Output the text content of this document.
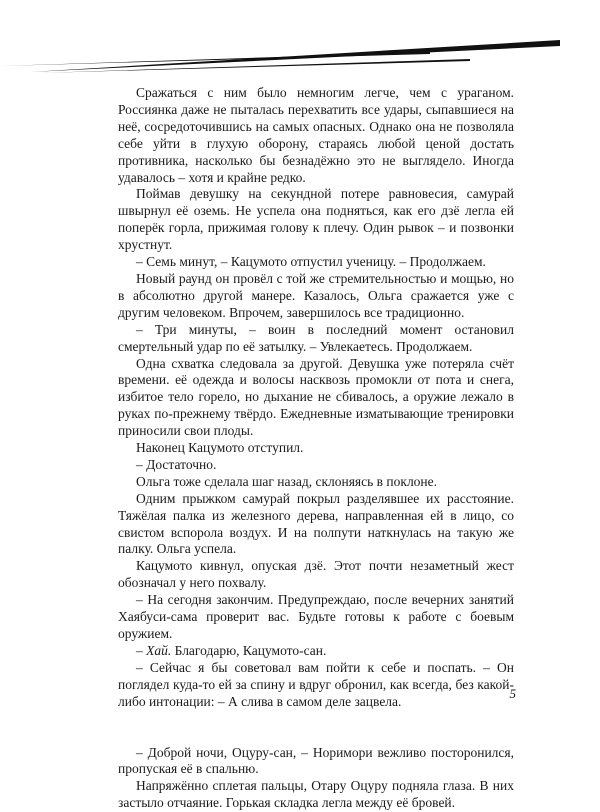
Сражаться с ним было немногим легче, чем с ураганом. Россиянка даже не пыталась перехватить все удары, сыпавшиеся на неё, сосредоточившись на самых опасных. Однако она не позволяла себе уйти в глухую оборону, стараясь любой ценой достать противника, насколько бы безнадёжно это не выглядело. Иногда удавалось – хотя и крайне редко.

Поймав девушку на секундной потере равновесия, самурай швырнул её оземь. Не успела она подняться, как его дзё легла ей поперёк горла, прижимая голову к плечу. Один рывок – и позвонки хрустнут.

– Семь минут, – Кацумото отпустил ученицу. – Продолжаем.

Новый раунд он провёл с той же стремительностью и мощью, но в абсолютно другой манере. Казалось, Ольга сражается уже с другим человеком. Впрочем, завершилось все традиционно.

– Три минуты, – воин в последний момент остановил смертельный удар по её затылку. – Увлекаетесь. Продолжаем.

Одна схватка следовала за другой. Девушка уже потеряла счёт времени. её одежда и волосы насквозь промокли от пота и снега, избитое тело горело, но дыхание не сбивалось, а оружие лежало в руках по-прежнему твёрдо. Ежедневные изматывающие тренировки приносили свои плоды.

Наконец Кацумото отступил.

– Достаточно.

Ольга тоже сделала шаг назад, склоняясь в поклоне.

Одним прыжком самурай покрыл разделявшее их расстояние. Тяжёлая палка из железного дерева, направленная ей в лицо, со свистом вспорола воздух. И на полпути наткнулась на такую же палку. Ольга успела.

Кацумото кивнул, опуская дзё. Этот почти незаметный жест обозначал у него похвалу.

– На сегодня закончим. Предупреждаю, после вечерних занятий Хаябуси-сама проверит вас. Будьте готовы к работе с боевым оружием.

– Хай. Благодарю, Кацумото-сан.

– Сейчас я бы советовал вам пойти к себе и поспать. – Он поглядел куда-то ей за спину и вдруг обронил, как всегда, без какой-либо интонации: – А слива в самом деле зацвела.

– Доброй ночи, Оцуру-сан, – Норимори вежливо посторонился, пропуская её в спальню.

Напряжённо сплетая пальцы, Отару Оцуру подняла глаза. В них застыло отчаяние. Горькая складка легла между её бровей.

5
